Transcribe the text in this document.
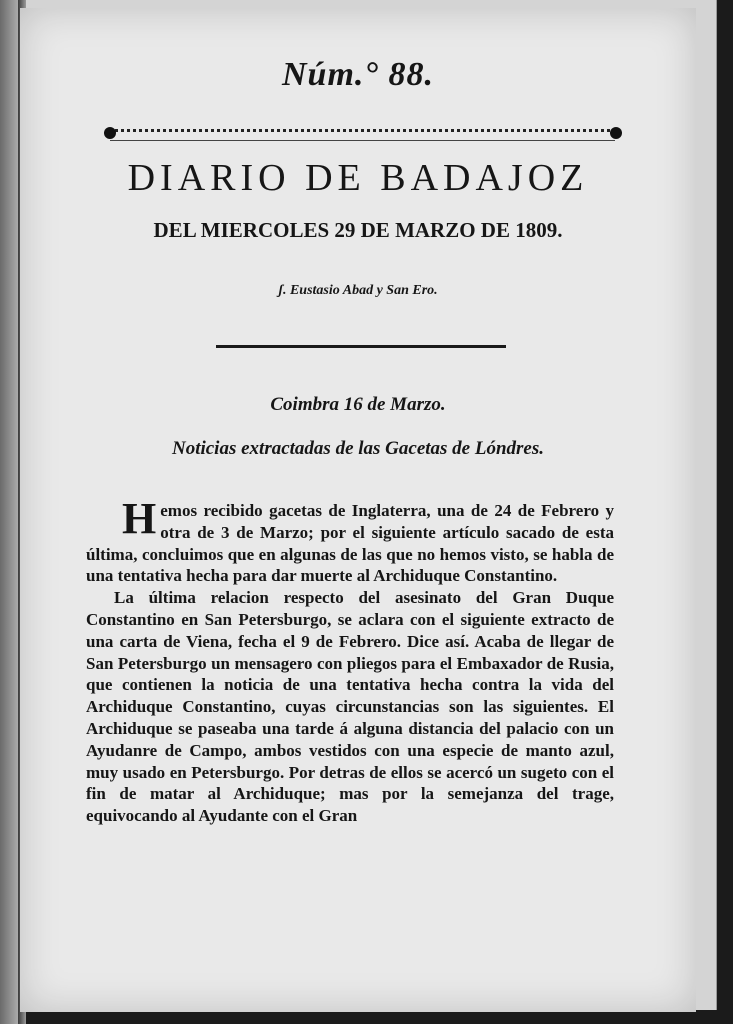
Núm.° 88.
DIARIO DE BADAJOZ
DEL MIERCOLES 29 DE MARZO DE 1809.
ʃ. Eustasio Abad y San Ero.
Coimbra 16 de Marzo.
Noticias extractadas de las Gacetas de Lóndres.

Hemos recibido gacetas de Inglaterra, una de 24 de Febrero y otra de 3 de Marzo; por el siguiente artículo sacado de esta última, concluimos que en algunas de las que no hemos visto, se habla de una tentativa hecha para dar muerte al Archiduque Constantino.

La última relacion respecto del asesinato del Gran Duque Constantino en San Petersburgo, se aclara con el siguiente extracto de una carta de Viena, fecha el 9 de Febrero. Dice así. Acaba de llegar de San Petersburgo un mensagero con pliegos para el Embaxador de Rusia, que contienen la noticia de una tentativa hecha contra la vida del Archiduque Constantino, cuyas circunstancias son las siguientes. El Archiduque se paseaba una tarde á alguna distancia del palacio con un Ayudanre de Campo, ambos vestidos con una especie de manto azul, muy usado en Petersburgo. Por detras de ellos se acercó un sugeto con el fin de matar al Archiduque; mas por la semejanza del trage, equivocando al Ayudante con el Gran
